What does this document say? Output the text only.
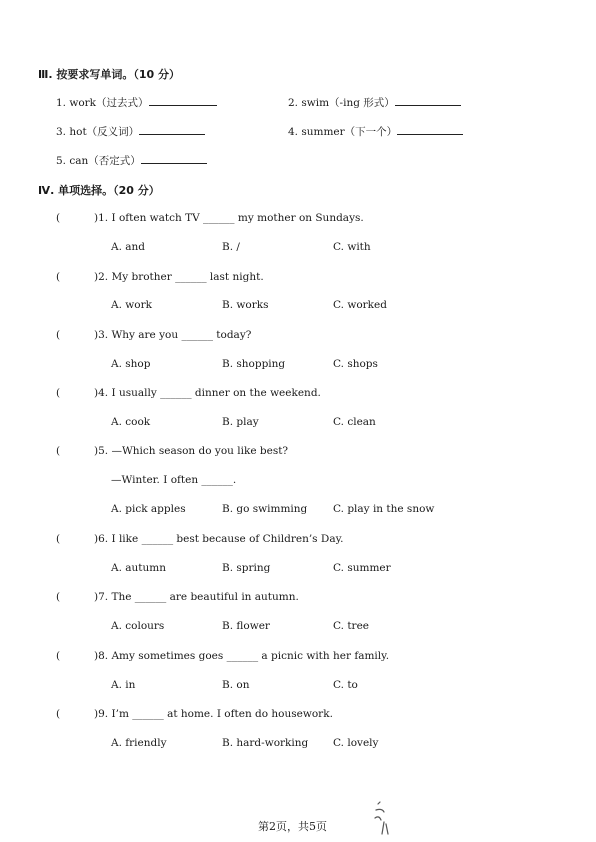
Ⅲ. 按要求写单词。（10 分）
1. work（过去式）	2. swim（-ing 形式）
3. hot（反义词）	4. summer（下一个）
5. can（否定式）
Ⅳ. 单项选择。（20 分）
(	)1. I often watch TV ______ my mother on Sundays.
A. and	B. /	C. with
(	)2. My brother ______ last night.
A. work	B. works	C. worked
(	)3. Why are you ______ today?
A. shop	B. shopping	C. shops
(	)4. I usually ______ dinner on the weekend.
A. cook	B. play	C. clean
(	)5. —Which season do you like best?
—Winter. I often ______.
A. pick apples	B. go swimming C. play in the snow
(	)6. I like ______ best because of Children’s Day.
A. autumn	B. spring	C. summer
(	)7. The ______ are beautiful in autumn.
A. colours	B. flower	C. tree
(	)8. Amy sometimes goes ______ a picnic with her family.
A. in	B. on	C. to
(	)9. I’m ______ at home. I often do housework.
A. friendly	B. hard-working C. lovely
第2页，共5页
